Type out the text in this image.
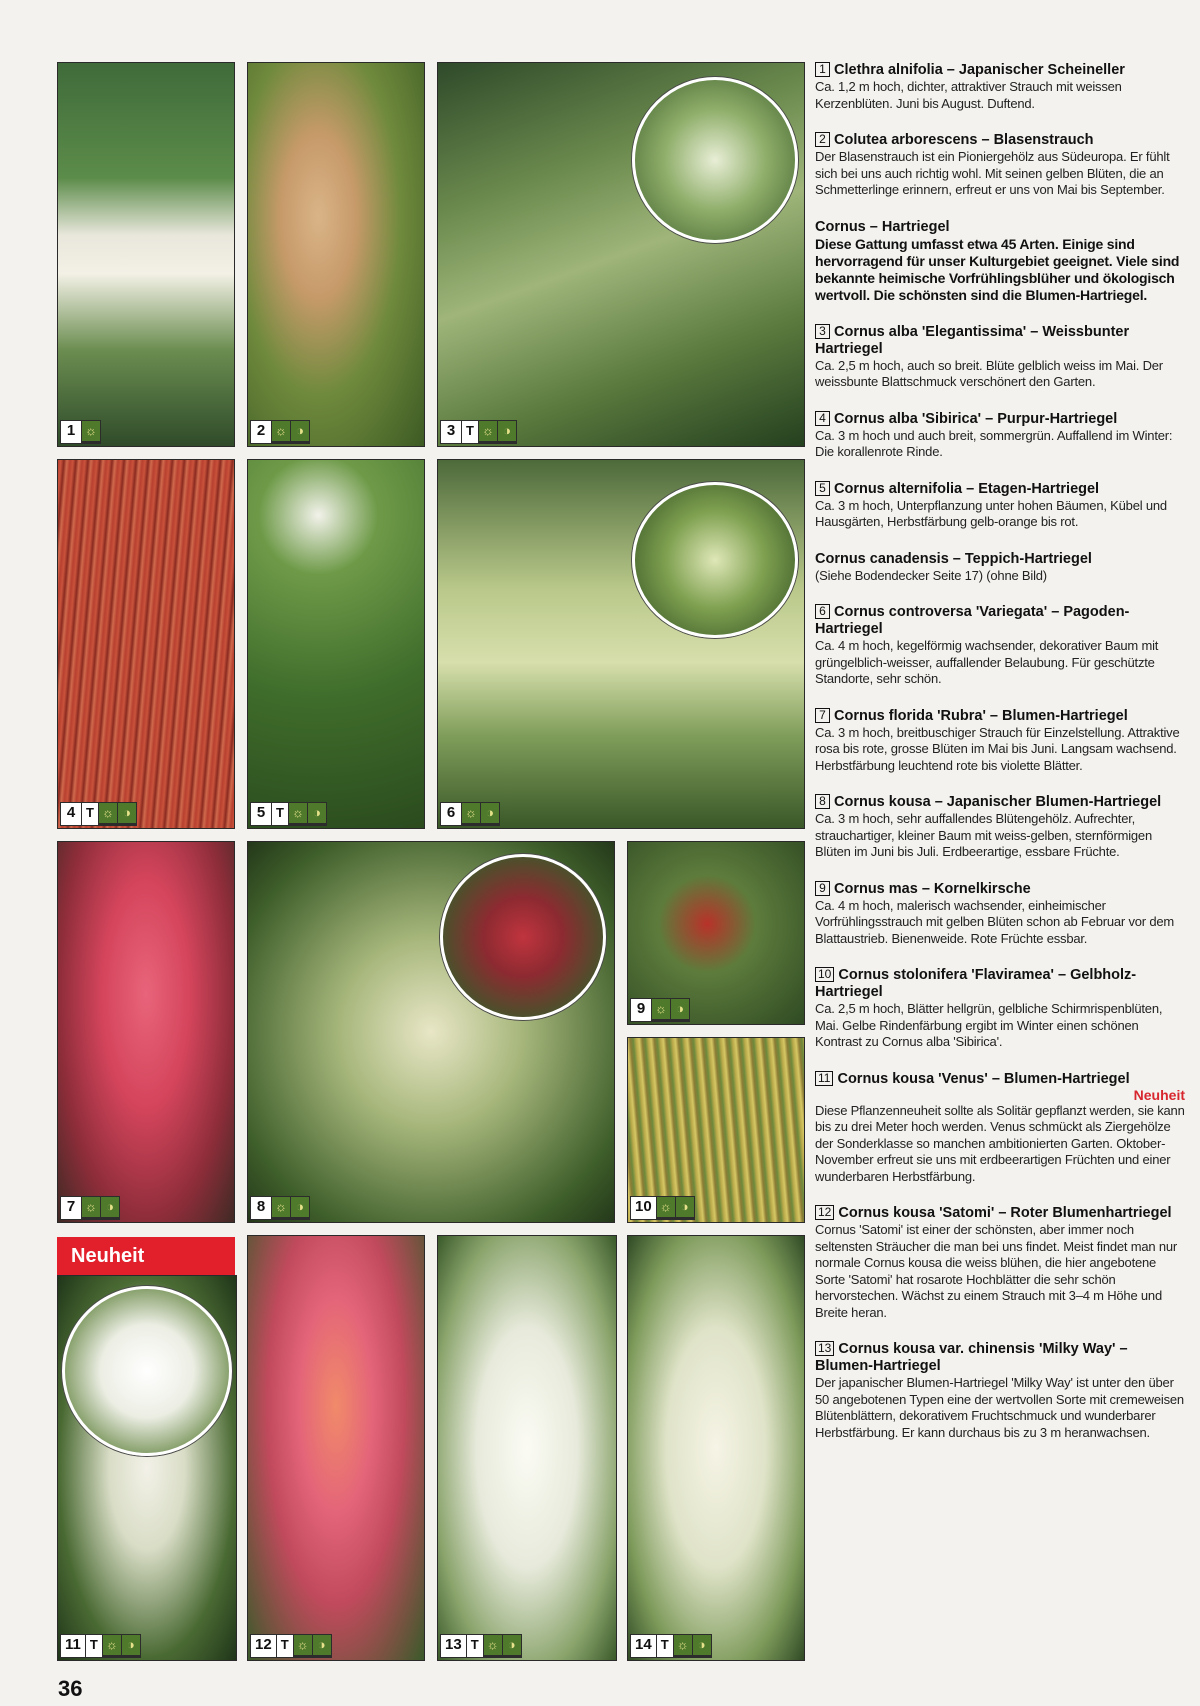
1 ☼	2 ☼ ◑	3 T ☼ ◑
4 T ☼ ◑	5 T ☼ ◑	6 ☼ ◑
7 ☼ ◑	8 ☼ ◑
9 ☼ ◑
10 ☼ ◑
Neuheit
11 T ☼ ◑	12 T ☼ ◑	13 T ☼ ◑	14 T ☼ ◑
1 Clethra alnifolia – Japanischer Scheineller
Ca. 1,2 m hoch, dichter, attraktiver Strauch mit weissen Kerzenblüten. Juni bis August. Duftend.
2 Colutea arborescens – Blasenstrauch
Der Blasenstrauch ist ein Pioniergehölz aus Südeuropa. Er fühlt sich bei uns auch richtig wohl. Mit seinen gelben Blüten, die an Schmetterlinge erinnern, erfreut er uns von Mai bis September.
Cornus – Hartriegel
Diese Gattung umfasst etwa 45 Arten. Einige sind hervorragend für unser Kulturgebiet geeignet. Viele sind bekannte heimische Vorfrühlingsblüher und ökologisch wertvoll. Die schönsten sind die Blumen-Hartriegel.
3 Cornus alba 'Elegantissima' – Weissbunter Hartriegel
Ca. 2,5 m hoch, auch so breit. Blüte gelblich weiss im Mai. Der weissbunte Blattschmuck verschönert den Garten.
4 Cornus alba 'Sibirica' – Purpur-Hartriegel
Ca. 3 m hoch und auch breit, sommergrün. Auffallend im Winter: Die korallenrote Rinde.
5 Cornus alternifolia – Etagen-Hartriegel
Ca. 3 m hoch, Unterpflanzung unter hohen Bäumen, Kübel und Hausgärten, Herbstfärbung gelb-orange bis rot.
Cornus canadensis – Teppich-Hartriegel
(Siehe Bodendecker Seite 17) (ohne Bild)
6 Cornus controversa 'Variegata' – Pagoden-Hartriegel
Ca. 4 m hoch, kegelförmig wachsender, dekorativer Baum mit grüngelblich-weisser, auffallender Belaubung. Für geschützte Standorte, sehr schön.
7 Cornus florida 'Rubra' – Blumen-Hartriegel
Ca. 3 m hoch, breitbuschiger Strauch für Einzelstellung. Attraktive rosa bis rote, grosse Blüten im Mai bis Juni. Langsam wachsend. Herbstfärbung leuchtend rote bis violette Blätter.
8 Cornus kousa – Japanischer Blumen-Hartriegel
Ca. 3 m hoch, sehr auffallendes Blütengehölz. Aufrechter, strauchartiger, kleiner Baum mit weiss-gelben, sternförmigen Blüten im Juni bis Juli. Erdbeerartige, essbare Früchte.
9 Cornus mas – Kornelkirsche
Ca. 4 m hoch, malerisch wachsender, einheimischer Vorfrühlingsstrauch mit gelben Blüten schon ab Februar vor dem Blattaustrieb. Bienenweide. Rote Früchte essbar.
10 Cornus stolonifera 'Flaviramea' – Gelbholz-Hartriegel
Ca. 2,5 m hoch, Blätter hellgrün, gelbliche Schirmrispenblüten, Mai. Gelbe Rindenfärbung ergibt im Winter einen schönen Kontrast zu Cornus alba 'Sibirica'.
11 Cornus kousa 'Venus' – Blumen-Hartriegel
Neuheit
Diese Pflanzenneuheit sollte als Solitär gepflanzt werden, sie kann bis zu drei Meter hoch werden. Venus schmückt als Ziergehölze der Sonderklasse so manchen ambitionierten Garten. Oktober-November erfreut sie uns mit erdbeerartigen Früchten und einer wunderbaren Herbstfärbung.
12 Cornus kousa 'Satomi' – Roter Blumenhartriegel
Cornus 'Satomi' ist einer der schönsten, aber immer noch seltensten Sträucher die man bei uns findet. Meist findet man nur normale Cornus kousa die weiss blühen, die hier angebotene Sorte 'Satomi' hat rosarote Hochblätter die sehr schön hervorstechen. Wächst zu einem Strauch mit 3–4 m Höhe und Breite heran.
13 Cornus kousa var. chinensis 'Milky Way' – Blumen-Hartriegel
Der japanischer Blumen-Hartriegel 'Milky Way' ist unter den über 50 angebotenen Typen eine der wertvollen Sorte mit cremeweisen Blütenblättern, dekorativem Fruchtschmuck und wunderbarer Herbstfärbung. Er kann durchaus bis zu 3 m heranwachsen.
36
